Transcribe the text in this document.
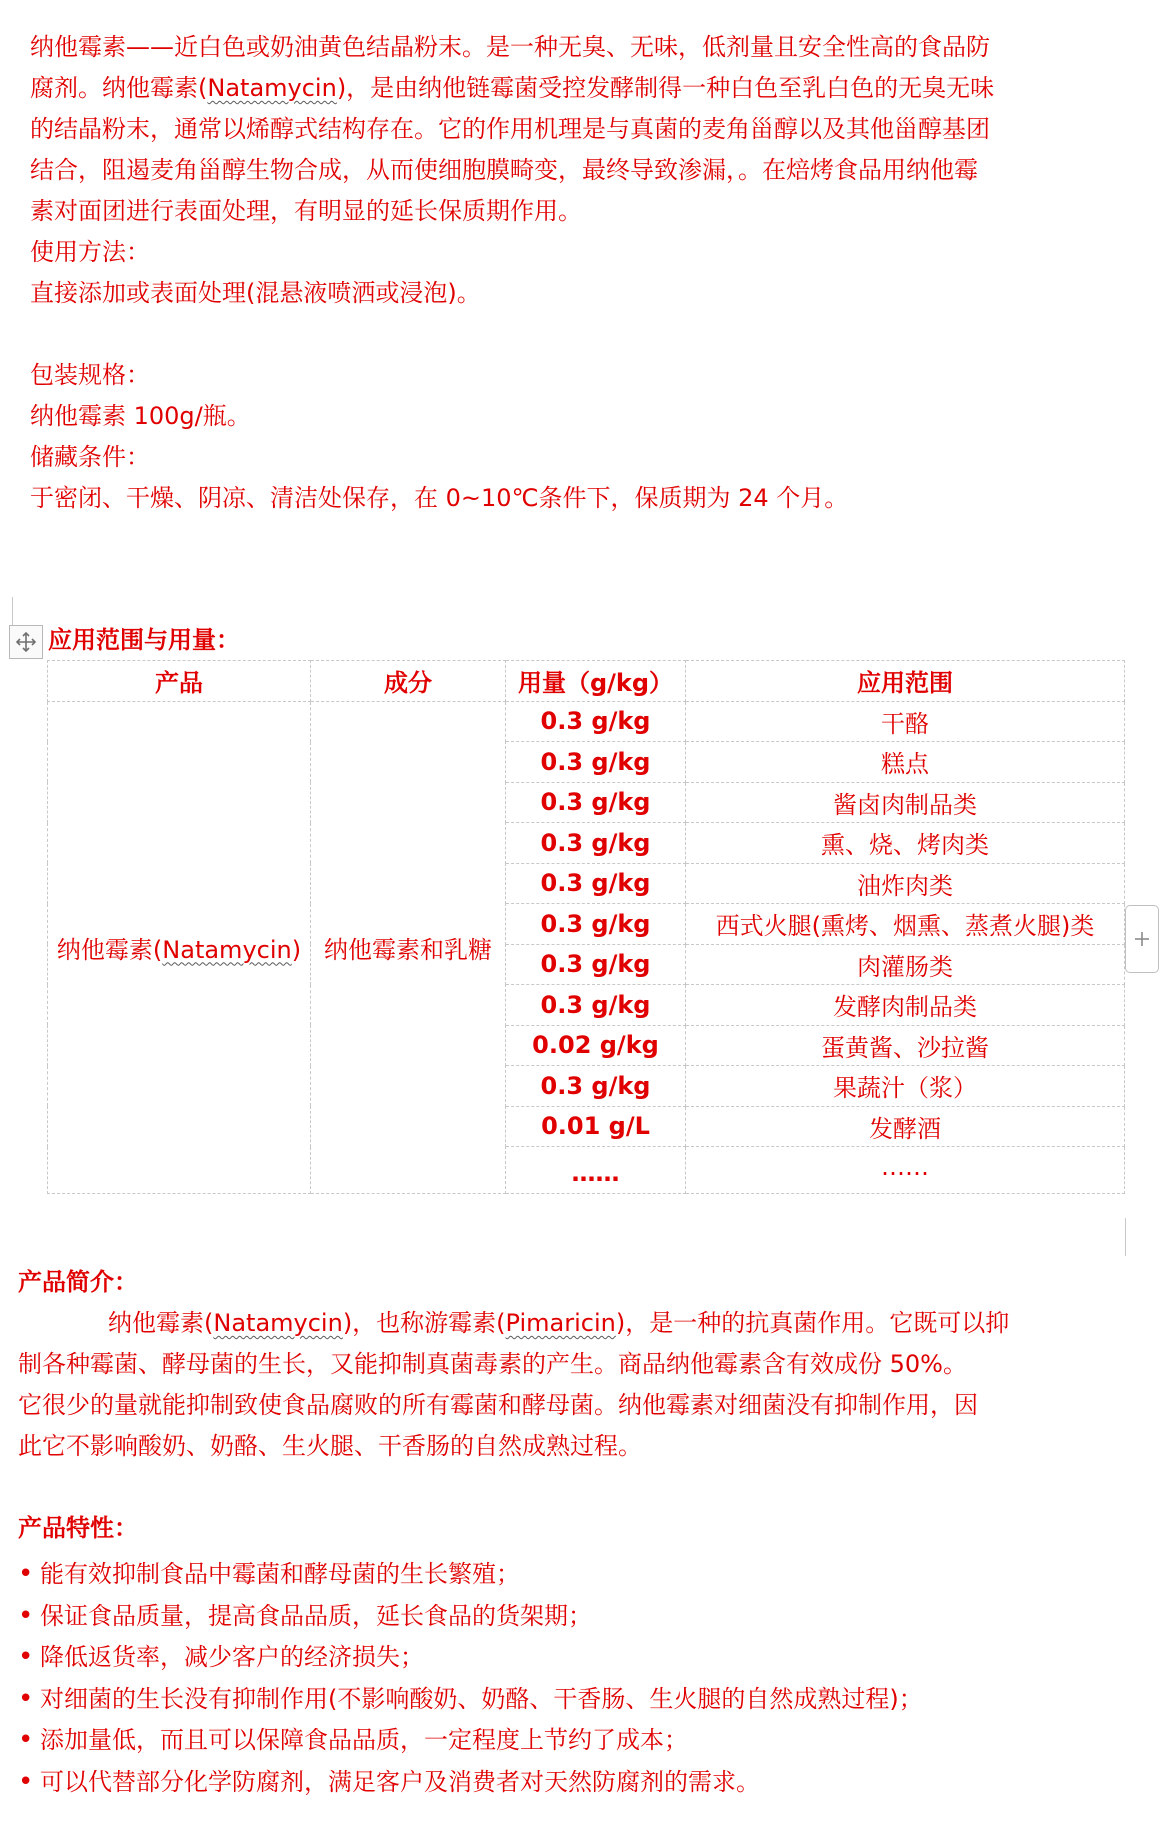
纳他霉素——近白色或奶油黄色结晶粉末。是一种无臭、无味，低剂量且安全性高的食品防
腐剂。纳他霉素(Natamycin)，是由纳他链霉菌受控发酵制得一种白色至乳白色的无臭无味
的结晶粉末，通常以烯醇式结构存在。它的作用机理是与真菌的麦角甾醇以及其他甾醇基团
结合，阻遏麦角甾醇生物合成，从而使细胞膜畸变，最终导致渗漏，。在焙烤食品用纳他霉
素对面团进行表面处理，有明显的延长保质期作用。
使用方法：
直接添加或表面处理(混悬液喷洒或浸泡)。

包装规格：
纳他霉素 100g/瓶。
储藏条件：
于密闭、干燥、阴凉、清洁处保存，在 0~10℃条件下，保质期为 24 个月。
应用范围与用量：
产品	成分	用量（g/kg）	应用范围
纳他霉素(Natamycin)	纳他霉素和乳糖	0.3 g/kg	干酪
		0.3 g/kg	糕点
		0.3 g/kg	酱卤肉制品类
		0.3 g/kg	熏、烧、烤肉类
		0.3 g/kg	油炸肉类
		0.3 g/kg	西式火腿(熏烤、烟熏、蒸煮火腿)类
		0.3 g/kg	肉灌肠类
		0.3 g/kg	发酵肉制品类
		0.02 g/kg	蛋黄酱、沙拉酱
		0.3 g/kg	果蔬汁（浆）
		0.01 g/L	发酵酒
		……	……
产品简介：
纳他霉素(Natamycin)，也称游霉素(Pimaricin)，是一种的抗真菌作用。它既可以抑
制各种霉菌、酵母菌的生长，又能抑制真菌毒素的产生。商品纳他霉素含有效成份 50%。
它很少的量就能抑制致使食品腐败的所有霉菌和酵母菌。纳他霉素对细菌没有抑制作用，因
此它不影响酸奶、奶酪、生火腿、干香肠的自然成熟过程。

产品特性：
• 能有效抑制食品中霉菌和酵母菌的生长繁殖；
• 保证食品质量，提高食品品质，延长食品的货架期；
• 降低返货率，减少客户的经济损失；
• 对细菌的生长没有抑制作用(不影响酸奶、奶酪、干香肠、生火腿的自然成熟过程)；
• 添加量低，而且可以保障食品品质，一定程度上节约了成本；
• 可以代替部分化学防腐剂，满足客户及消费者对天然防腐剂的需求。
